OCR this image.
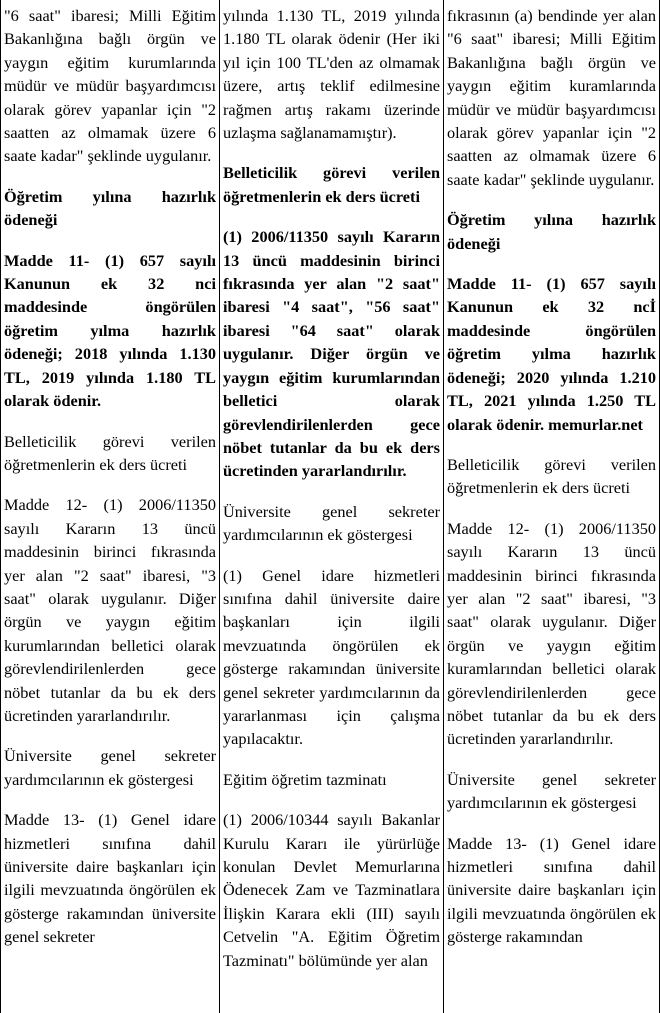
"6 saat" ibaresi; Milli Eğitim Bakanlığına bağlı örgün ve yaygın eğitim kurumlarında müdür ve müdür başyardımcısı olarak görev yapanlar için "2 saatten az olmamak üzere 6 saate kadar" şeklinde uygulanır.

Öğretim yılına hazırlık ödeneği

Madde 11- (1) 657 sayılı Kanunun ek 32 nci maddesinde öngörülen öğretim yılma hazırlık ödeneği; 2018 yılında 1.130 TL, 2019 yılında 1.180 TL olarak ödenir.

Belleticilik görevi verilen öğretmenlerin ek ders ücreti

Madde 12- (1) 2006/11350 sayılı Kararın 13 üncü maddesinin birinci fıkrasında yer alan "2 saat" ibaresi, "3 saat" olarak uygulanır. Diğer örgün ve yaygın eğitim kurumlarından belletici olarak görevlendirilenlerden gece nöbet tutanlar da bu ek ders ücretinden yararlandırılır.

Üniversite genel sekreter yardımcılarının ek göstergesi

Madde 13- (1) Genel idare hizmetleri sınıfına dahil üniversite daire başkanları için ilgili mevzuatında öngörülen ek gösterge rakamından üniversite genel sekreter

yılında 1.130 TL, 2019 yılında 1.180 TL olarak ödenir (Her iki yıl için 100 TL'den az olmamak üzere, artış teklif edilmesine rağmen artış rakamı üzerinde uzlaşma sağlanamamıştır).

Belleticilik görevi verilen öğretmenlerin ek ders ücreti

(1) 2006/11350 sayılı Kararın 13 üncü maddesinin birinci fıkrasında yer alan "2 saat" ibaresi "4 saat", "56 saat" ibaresi "64 saat" olarak uygulanır. Diğer örgün ve yaygın eğitim kurumlarından belletici olarak görevlendirilenlerden gece nöbet tutanlar da bu ek ders ücretinden yararlandırılır.

Üniversite genel sekreter yardımcılarının ek göstergesi

(1) Genel idare hizmetleri sınıfına dahil üniversite daire başkanları için ilgili mevzuatında öngörülen ek gösterge rakamından üniversite genel sekreter yardımcılarının da yararlanması için çalışma yapılacaktır.

Eğitim öğretim tazminatı

(1) 2006/10344 sayılı Bakanlar Kurulu Kararı ile yürürlüğe konulan Devlet Memurlarına Ödenecek Zam ve Tazminatlara İlişkin Karara ekli (III) sayılı Cetvelin "A. Eğitim Öğretim Tazminatı" bölümünde yer alan

fıkrasının (a) bendinde yer alan "6 saat" ibaresi; Milli Eğitim Bakanlığına bağlı örgün ve yaygın eğitim kuramlarında müdür ve müdür başyardımcısı olarak görev yapanlar için "2 saatten az olmamak üzere 6 saate kadar" şeklinde uygulanır.

Öğretim yılına hazırlık ödeneği

Madde 11- (1) 657 sayılı Kanunun ek 32 ncİ maddesinde öngörülen öğretim yılma hazırlık ödeneği; 2020 yılında 1.210 TL, 2021 yılında 1.250 TL olarak ödenir. memurlar.net

Belleticilik görevi verilen öğretmenlerin ek ders ücreti

Madde 12- (1) 2006/11350 sayılı Kararın 13 üncü maddesinin birinci fıkrasında yer alan "2 saat" ibaresi, "3 saat" olarak uygulanır. Diğer örgün ve yaygın eğitim kuramlarından belletici olarak görevlendirilenlerden gece nöbet tutanlar da bu ek ders ücretinden yararlandırılır.

Üniversite genel sekreter yardımcılarının ek göstergesi

Madde 13- (1) Genel idare hizmetleri sınıfına dahil üniversite daire başkanları için ilgili mevzuatında öngörülen ek gösterge rakamından
